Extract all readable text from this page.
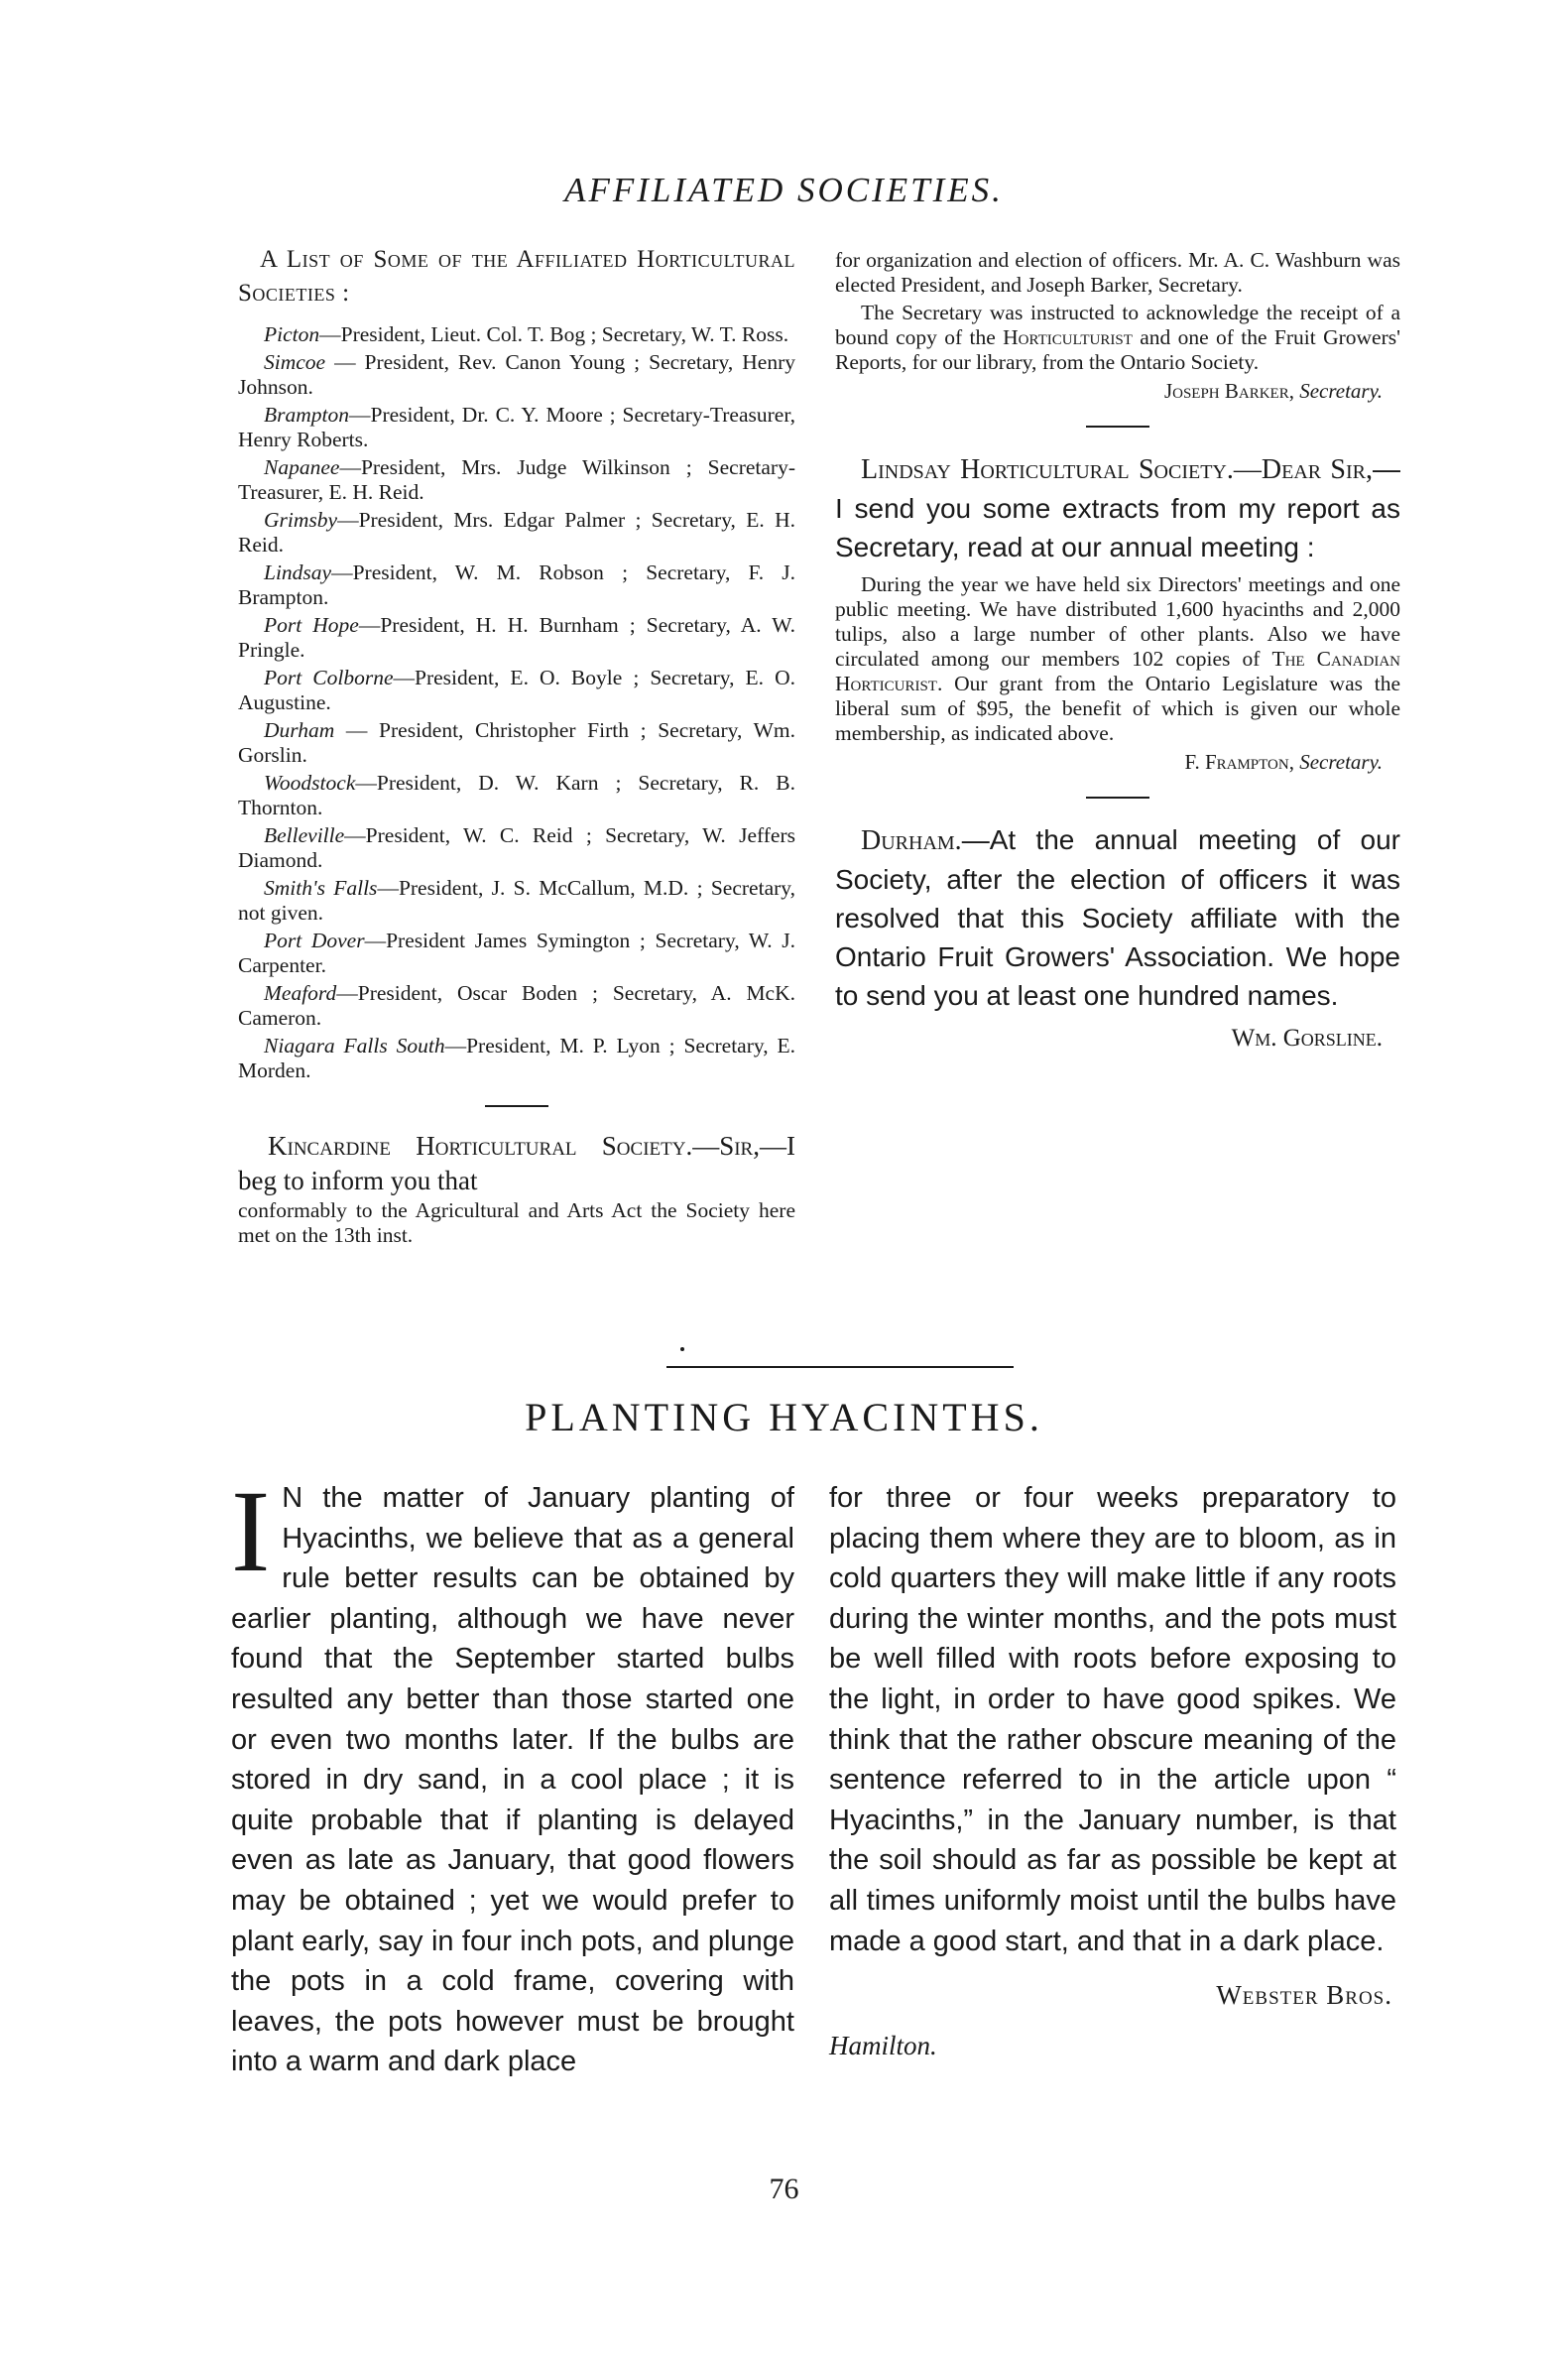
AFFILIATED SOCIETIES.
A List of Some of the Affiliated Horticultural Societies :

Picton—President, Lieut. Col. T. Bog ; Secretary, W. T. Ross.

Simcoe — President, Rev. Canon Young ; Secretary, Henry Johnson.

Brampton—President, Dr. C. Y. Moore ; Secretary-Treasurer, Henry Roberts.

Napanee—President, Mrs. Judge Wilkinson ; Secretary-Treasurer, E. H. Reid.

Grimsby—President, Mrs. Edgar Palmer ; Secretary, E. H. Reid.

Lindsay—President, W. M. Robson ; Secretary, F. J. Brampton.

Port Hope—President, H. H. Burnham ; Secretary, A. W. Pringle.

Port Colborne—President, E. O. Boyle ; Secretary, E. O. Augustine.

Durham — President, Christopher Firth ; Secretary, Wm. Gorslin.

Woodstock—President, D. W. Karn ; Secretary, R. B. Thornton.

Belleville—President, W. C. Reid ; Secretary, W. Jeffers Diamond.

Smith's Falls—President, J. S. McCallum, M.D. ; Secretary, not given.

Port Dover—President James Symington ; Secretary, W. J. Carpenter.

Meaford—President, Oscar Boden ; Secretary, A. McK. Cameron.

Niagara Falls South—President, M. P. Lyon ; Secretary, E. Morden.

Kincardine Horticultural Society.—Sir,—I beg to inform you that

conformably to the Agricultural and Arts Act the Society here met on the 13th inst.

for organization and election of officers. Mr. A. C. Washburn was elected President, and Joseph Barker, Secretary.

The Secretary was instructed to acknowledge the receipt of a bound copy of the Horticulturist and one of the Fruit Growers' Reports, for our library, from the Ontario Society.

Joseph Barker, Secretary.

Lindsay Horticultural Society.—Dear Sir,—I send you some extracts from my report as Secretary, read at our annual meeting :

During the year we have held six Directors' meetings and one public meeting. We have distributed 1,600 hyacinths and 2,000 tulips, also a large number of other plants. Also we have circulated among our members 102 copies of The Canadian Horticurist. Our grant from the Ontario Legislature was the liberal sum of $95, the benefit of which is given our whole membership, as indicated above.

F. Frampton, Secretary.

Durham.—At the annual meeting of our Society, after the election of officers it was resolved that this Society affiliate with the Ontario Fruit Growers' Association. We hope to send you at least one hundred names.

Wm. Gorsline.
PLANTING HYACINTHS.

I N the matter of January planting of Hyacinths, we believe that as a general rule better results can be obtained by earlier planting, although we have never found that the September started bulbs resulted any better than those started one or even two months later. If the bulbs are stored in dry sand, in a cool place ; it is quite probable that if planting is delayed even as late as January, that good flowers may be obtained ; yet we would prefer to plant early, say in four inch pots, and plunge the pots in a cold frame, covering with leaves, the pots however must be brought into a warm and dark place

for three or four weeks preparatory to placing them where they are to bloom, as in cold quarters they will make little if any roots during the winter months, and the pots must be well filled with roots before exposing to the light, in order to have good spikes. We think that the rather obscure meaning of the sentence referred to in the article upon “ Hyacinths,” in the January number, is that the soil should as far as possible be kept at all times uniformly moist until the bulbs have made a good start, and that in a dark place.

Webster Bros.
Hamilton.
76
